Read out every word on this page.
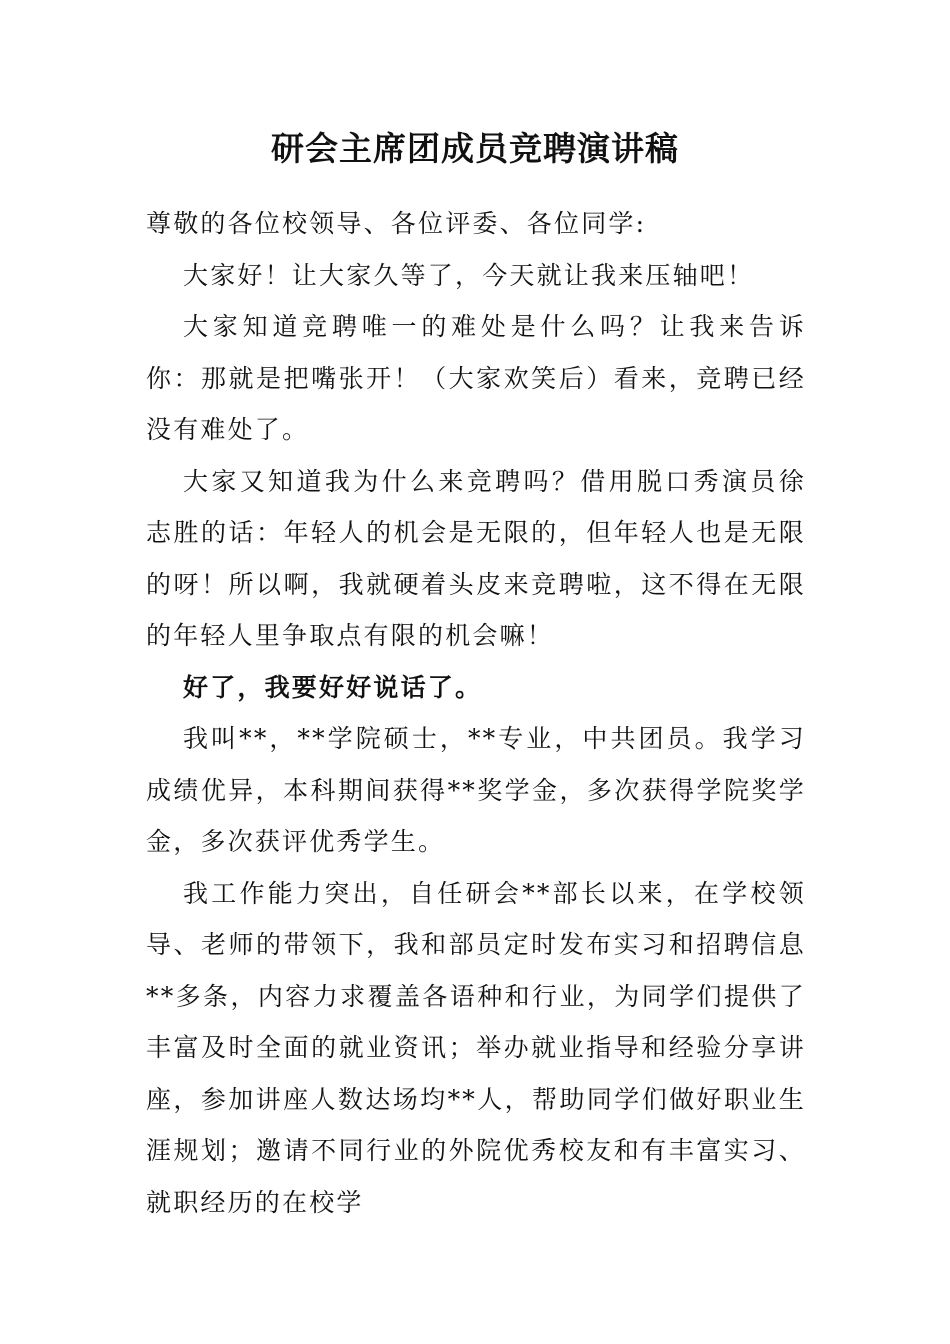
研会主席团成员竞聘演讲稿

尊敬的各位校领导、各位评委、各位同学:

大家好！让大家久等了，今天就让我来压轴吧！

大家知道竞聘唯一的难处是什么吗？让我来告诉你：那就是把嘴张开！（大家欢笑后）看来，竞聘已经没有难处了。

大家又知道我为什么来竞聘吗？借用脱口秀演员徐志胜的话：年轻人的机会是无限的，但年轻人也是无限的呀！所以啊，我就硬着头皮来竞聘啦，这不得在无限的年轻人里争取点有限的机会嘛！

好了，我要好好说话了。

我叫**，**学院硕士，**专业，中共团员。我学习成绩优异，本科期间获得**奖学金，多次获得学院奖学金，多次获评优秀学生。

我工作能力突出，自任研会**部长以来，在学校领导、老师的带领下，我和部员定时发布实习和招聘信息**多条，内容力求覆盖各语种和行业，为同学们提供了丰富及时全面的就业资讯；举办就业指导和经验分享讲座，参加讲座人数达场均**人，帮助同学们做好职业生涯规划；邀请不同行业的外院优秀校友和有丰富实习、就职经历的在校学
